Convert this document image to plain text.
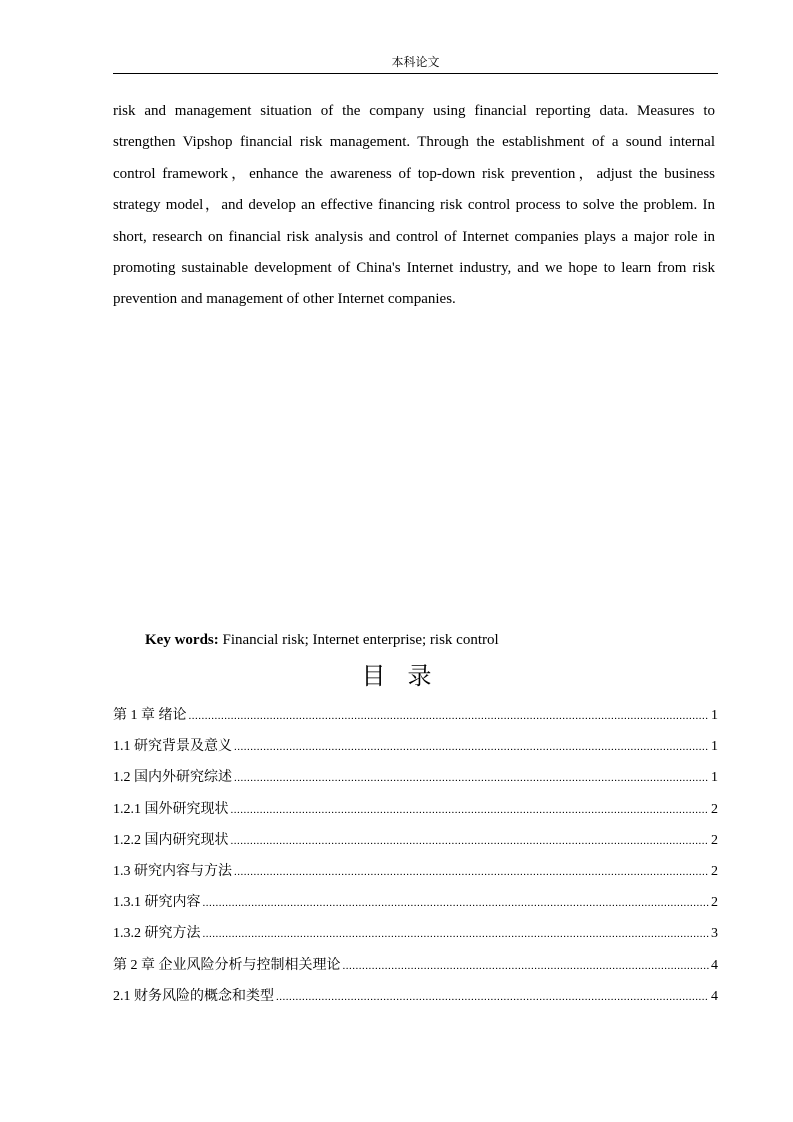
本科论文

risk and management situation of the company using financial reporting data. Measures to strengthen Vipshop financial risk management. Through the establishment of a sound internal control framework，enhance the awareness of top-down risk prevention，adjust the business strategy model，and develop an effective financing risk control process to solve the problem. In short, research on financial risk analysis and control of Internet companies plays a major role in promoting sustainable development of China's Internet industry, and we hope to learn from risk prevention and management of other Internet companies.

Key words: Financial risk; Internet enterprise; risk control
目录
第 1 章 绪论 .....	1
1.1 研究背景及意义 .....	1
1.2 国内外研究综述 .....	1
1.2.1 国外研究现状 .....	2
1.2.2 国内研究现状 .....	2
1.3 研究内容与方法 .....	2
1.3.1 研究内容 .....	2
1.3.2 研究方法 .....	3
第 2 章 企业风险分析与控制相关理论 .....	4
2.1 财务风险的概念和类型 .....	4
